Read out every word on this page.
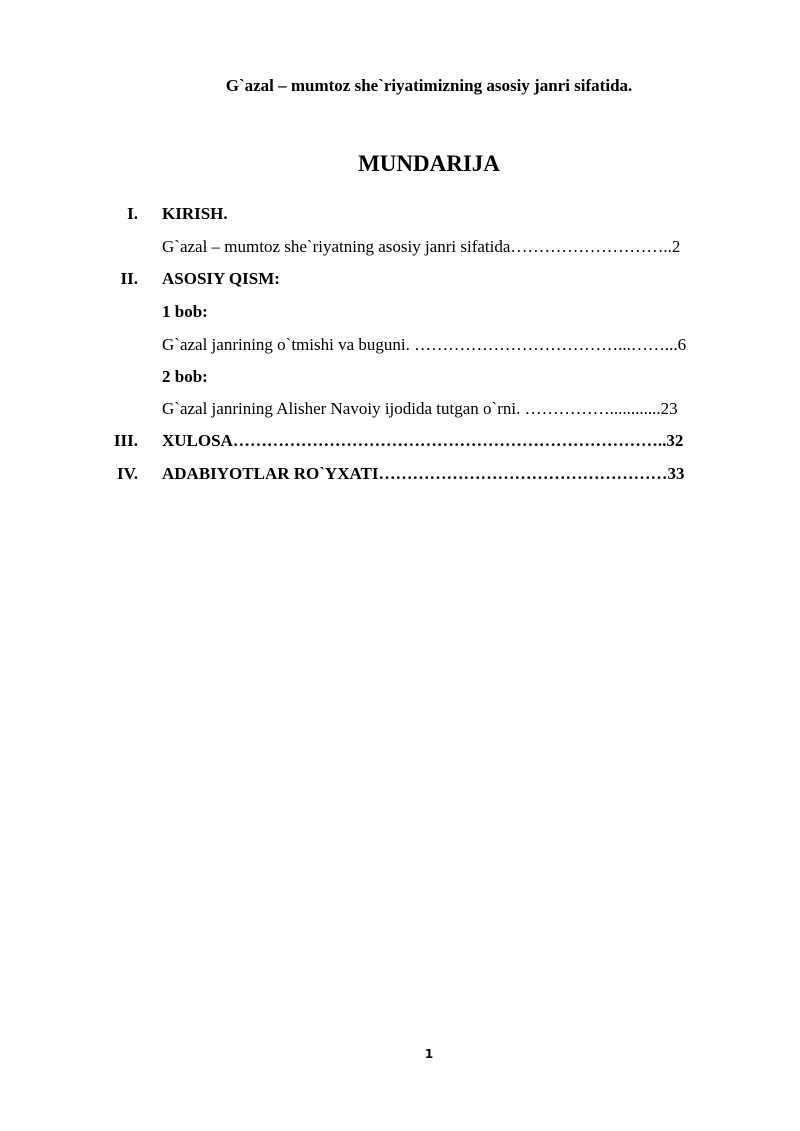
G`azal – mumtoz she`riyatimizning asosiy janri sifatida.
MUNDARIJA
I. KIRISH.
G`azal – mumtoz she`riyatning asosiy janri sifatida………………………..2
II. ASOSIY QISM:
1 bob:
G`azal janrining o`tmishi va buguni. ………………………………...……...6
2 bob:
G`azal janrining Alisher Navoiy ijodida tutgan o`rni. ……………............23
III. XULOSA…………………………………………………………………..32
IV. ADABIYOTLAR RO`YXATI……………………………………………33
1
